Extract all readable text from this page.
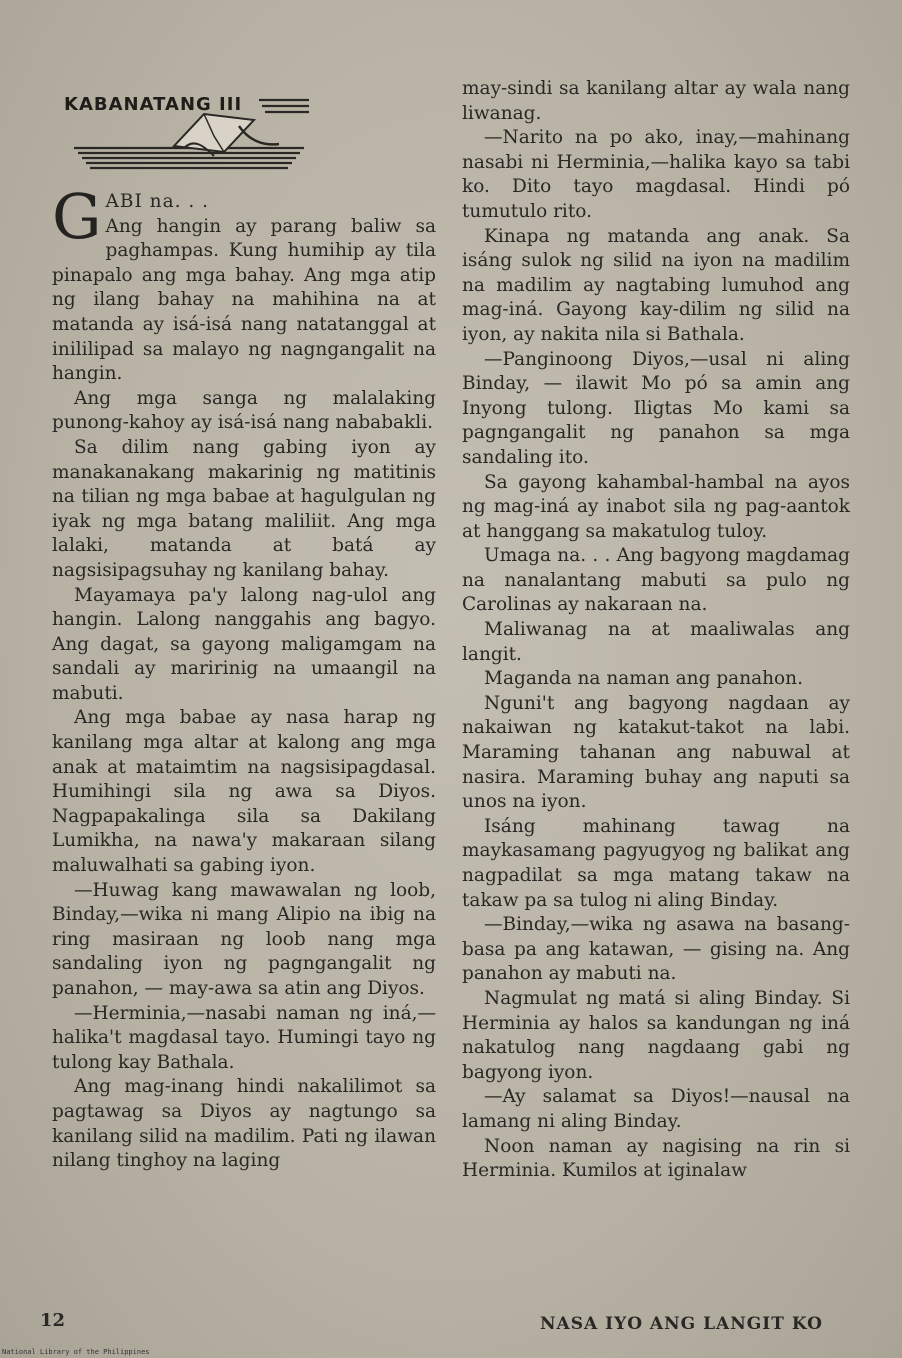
KABANATANG III

GABI na. . .
Ang hangin ay parang baliw sa paghampas. Kung humihip ay tila pinapalo ang mga bahay. Ang mga atip ng ilang bahay na mahihina na at matanda ay isá-isá nang natatanggal at inililipad sa malayo ng nagngangalit na hangin.

Ang mga sanga ng malalaking punong-kahoy ay isá-isá nang nababakli.

Sa dilim nang gabing iyon ay manakanakang makarinig ng matitinis na tilian ng mga babae at hagulgulan ng iyak ng mga batang maliliit. Ang mga lalaki, matanda at batá ay nagsisipagsuhay ng kanilang bahay.

Mayamaya pa'y lalong nag-ulol ang hangin. Lalong nanggahis ang bagyo. Ang dagat, sa gayong maligamgam na sandali ay maririnig na umaangil na mabuti.

Ang mga babae ay nasa harap ng kanilang mga altar at kalong ang mga anak at mataimtim na nagsisipagdasal. Humihingi sila ng awa sa Diyos. Nagpapakalinga sila sa Dakilang Lumikha, na nawa'y makaraan silang maluwalhati sa gabing iyon.

—Huwag kang mawawalan ng loob, Binday,—wika ni mang Alipio na ibig na ring masiraan ng loob nang mga sandaling iyon ng pagngangalit ng panahon, — may-awa sa atin ang Diyos.

—Herminia,—nasabi naman ng iná,—halika't magdasal tayo. Humingi tayo ng tulong kay Bathala.

Ang mag-inang hindi nakalilimot sa pagtawag sa Diyos ay nagtungo sa kanilang silid na madilim. Pati ng ilawan nilang tinghoy na laging

may-sindi sa kanilang altar ay wala nang liwanag.

—Narito na po ako, inay,—mahinang nasabi ni Herminia,—halika kayo sa tabi ko. Dito tayo magdasal. Hindi pó tumutulo rito.

Kinapa ng matanda ang anak. Sa isáng sulok ng silid na iyon na madilim na madilim ay nagtabing lumuhod ang mag-iná. Gayong kay-dilim ng silid na iyon, ay nakita nila si Bathala.

—Panginoong Diyos,—usal ni aling Binday, — ilawit Mo pó sa amin ang Inyong tulong. Iligtas Mo kami sa pagngangalit ng panahon sa mga sandaling ito.

Sa gayong kahambal-hambal na ayos ng mag-iná ay inabot sila ng pag-aantok at hanggang sa makatulog tuloy.

Umaga na. . . Ang bagyong magdamag na nanalantang mabuti sa pulo ng Carolinas ay nakaraan na.

Maliwanag na at maaliwalas ang langit.

Maganda na naman ang panahon.

Nguni't ang bagyong nagdaan ay nakaiwan ng katakut-takot na labi. Maraming tahanan ang nabuwal at nasira. Maraming buhay ang naputi sa unos na iyon.

Isáng mahinang tawag na maykasamang pagyugyog ng balikat ang nagpadilat sa mga matang takaw na takaw pa sa tulog ni aling Binday.

—Binday,—wika ng asawa na basang-basa pa ang katawan, — gising na. Ang panahon ay mabuti na.

Nagmulat ng matá si aling Binday. Si Herminia ay halos sa kandungan ng iná nakatulog nang nagdaang gabi ng bagyong iyon.

—Ay salamat sa Diyos!—nausal na lamang ni aling Binday.

Noon naman ay nagising na rin si Herminia. Kumilos at iginalaw

12	NASA IYO ANG LANGIT KO
National Library of the Philippines
